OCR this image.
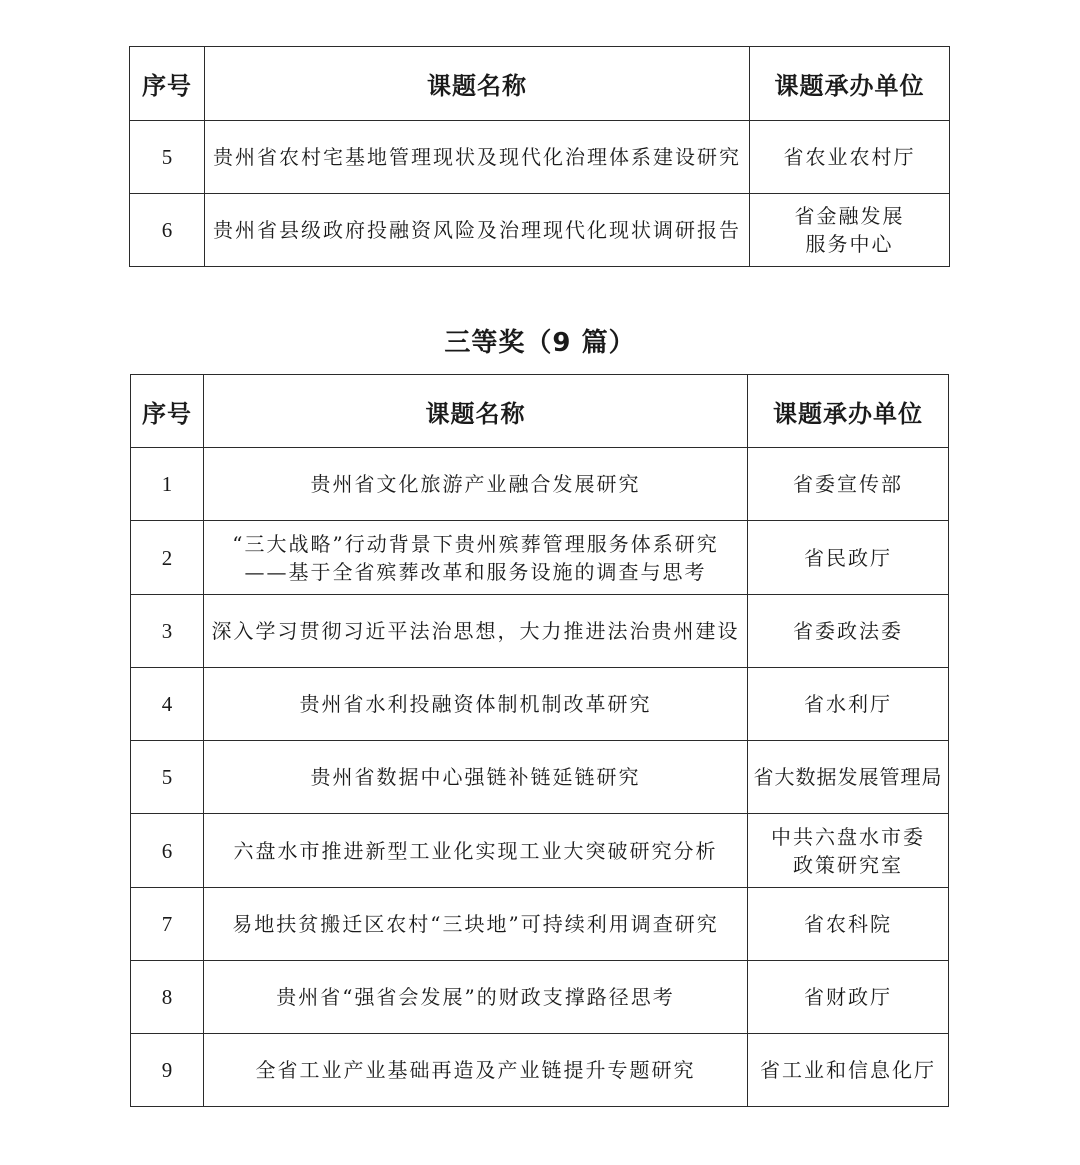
序号	课题名称	课题承办单位
5	贵州省农村宅基地管理现状及现代化治理体系建设研究	省农业农村厅

6	贵州省县级政府投融资风险及治理现代化现状调研报告	省金融发展
服务中心
三等奖（9 篇）
序号	课题名称	课题承办单位
1	贵州省文化旅游产业融合发展研究	省委宣传部

2	“三大战略”行动背景下贵州殡葬管理服务体系研究
——基于全省殡葬改革和服务设施的调查与思考	省民政厅

3	深入学习贯彻习近平法治思想，大力推进法治贵州建设	省委政法委

4	贵州省水利投融资体制机制改革研究	省水利厅

5	贵州省数据中心强链补链延链研究	省大数据发展管理局

6	六盘水市推进新型工业化实现工业大突破研究分析	中共六盘水市委
政策研究室

7	易地扶贫搬迁区农村“三块地”可持续利用调查研究	省农科院

8	贵州省“强省会发展”的财政支撑路径思考	省财政厅

9	全省工业产业基础再造及产业链提升专题研究	省工业和信息化厅
